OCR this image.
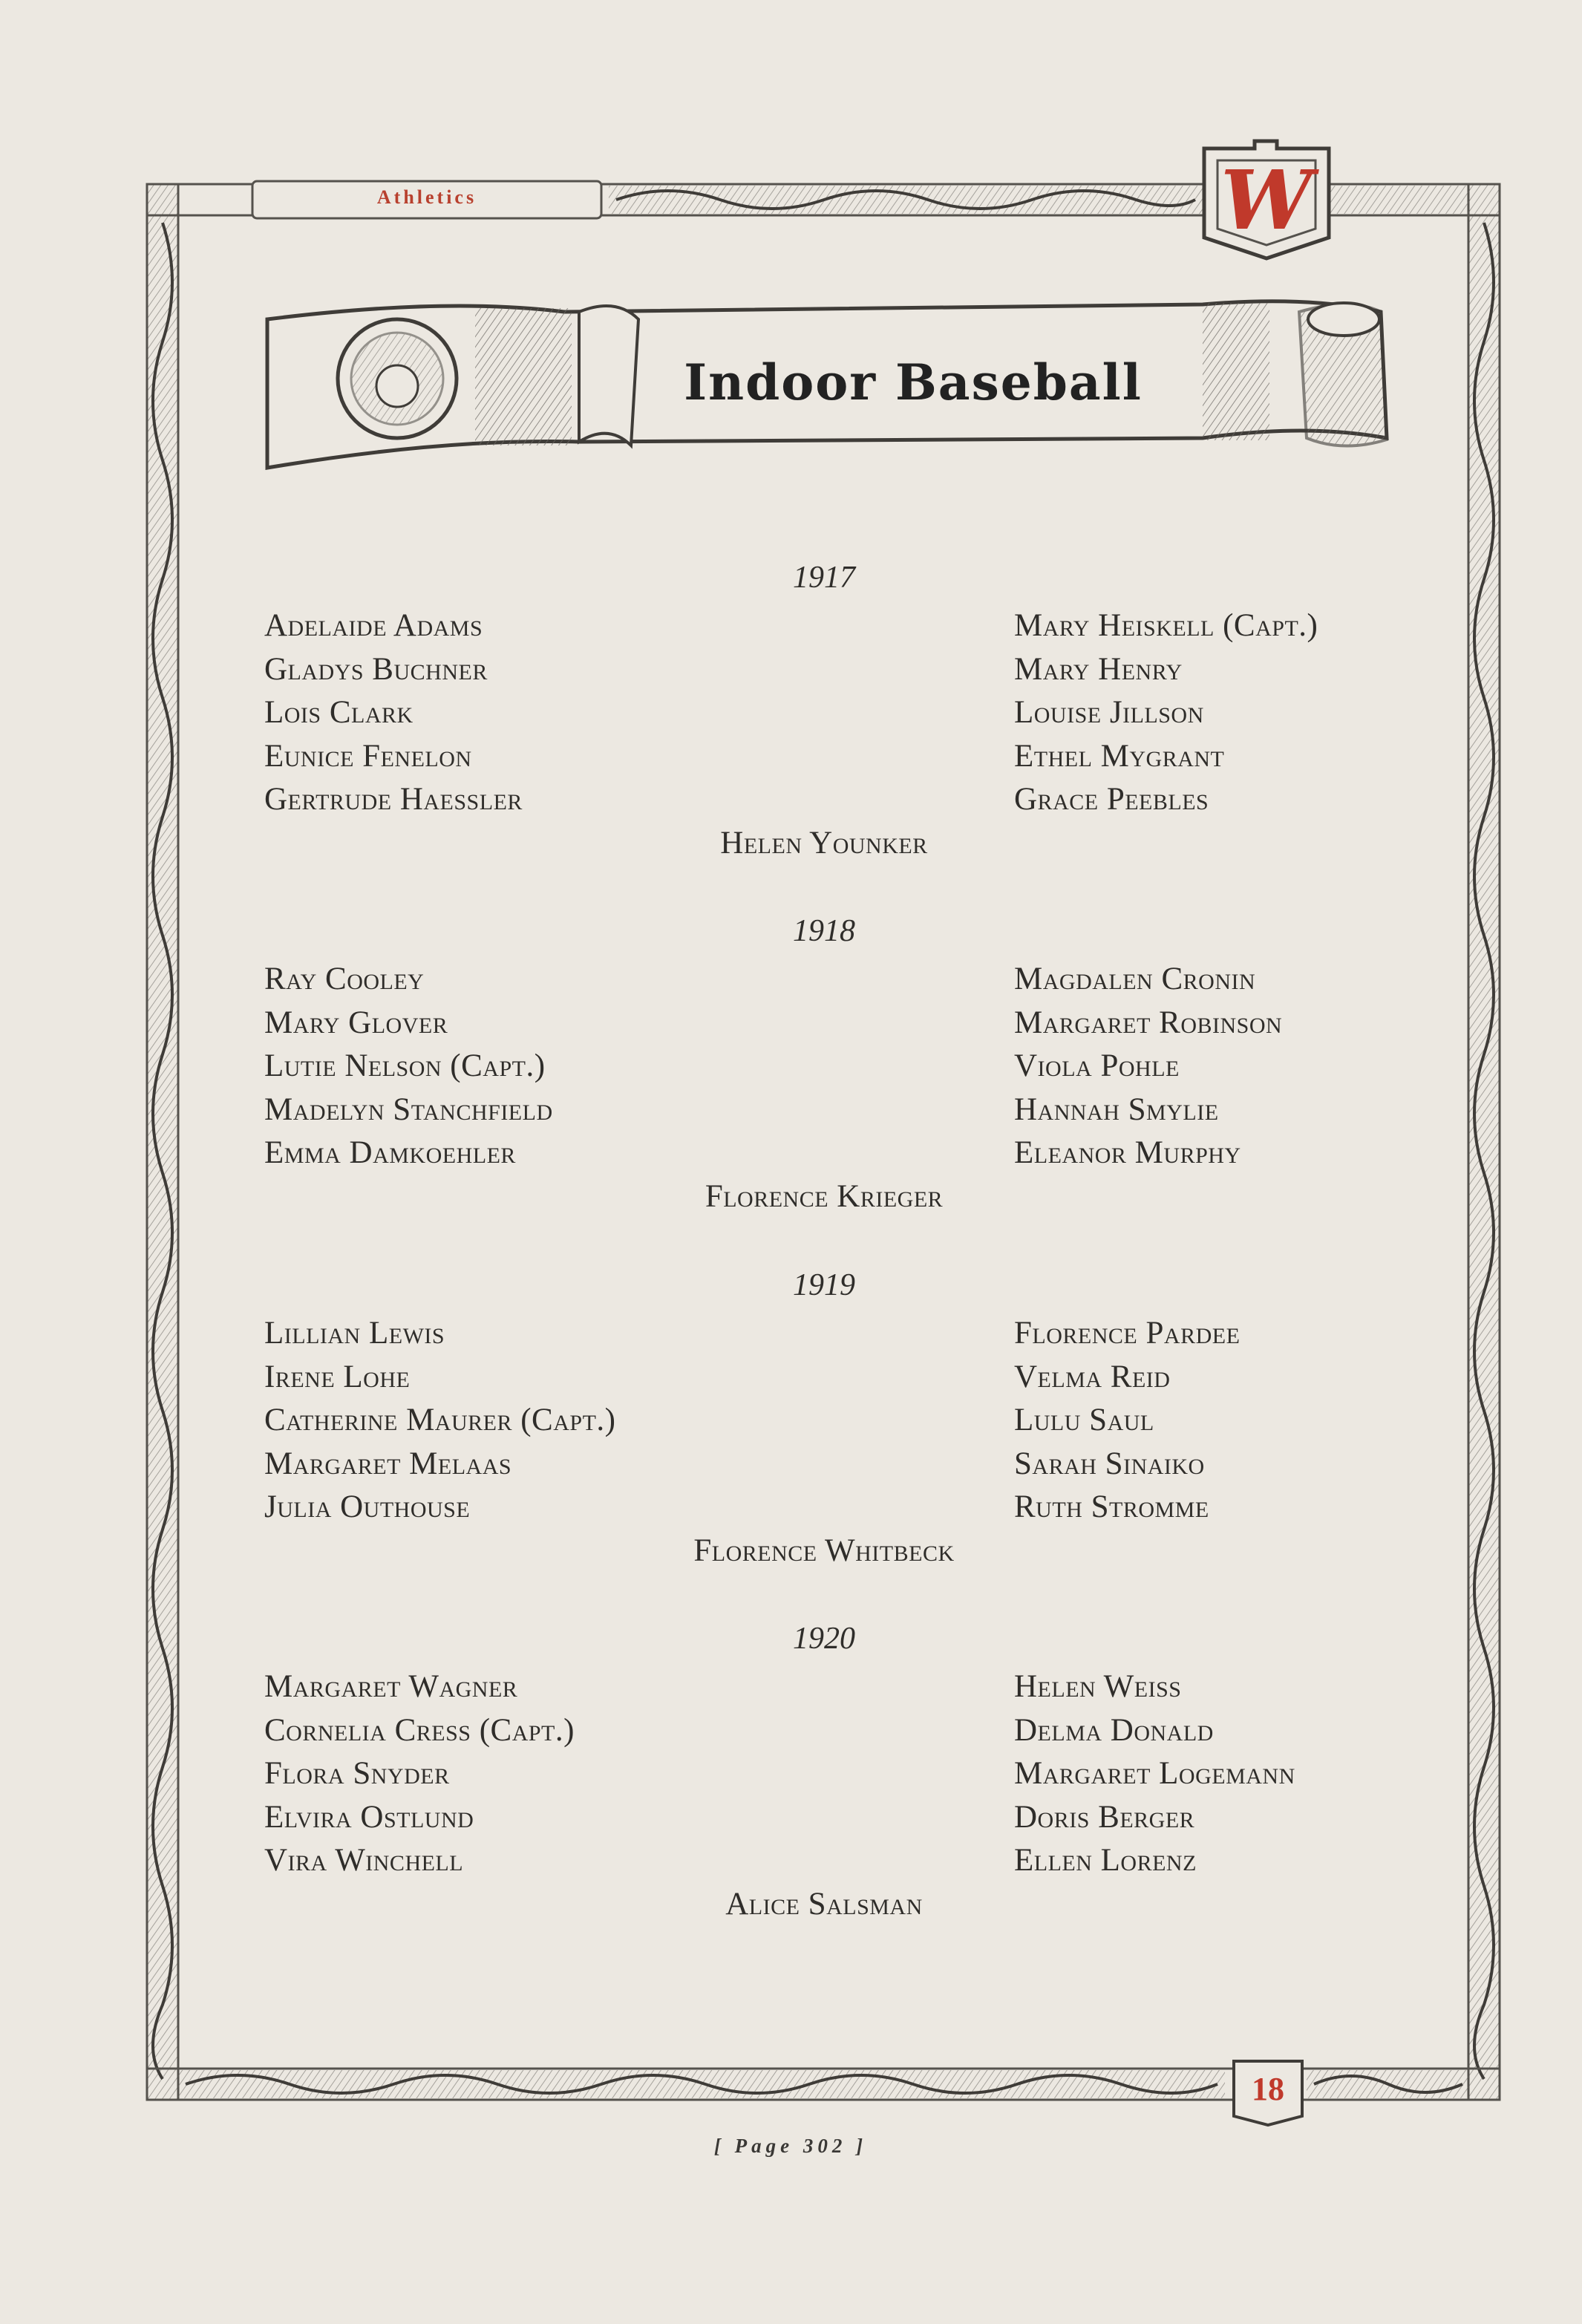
Athletics	W
Indoor Baseball
1917
Adelaide Adams
Gladys Buchner
Lois Clark
Eunice Fenelon
Gertrude Haessler
Mary Heiskell (Capt.)
Mary Henry
Louise Jillson
Ethel Mygrant
Grace Peebles
Helen Younker
1918
Ray Cooley
Mary Glover
Lutie Nelson (Capt.)
Madelyn Stanchfield
Emma Damkoehler
Magdalen Cronin
Margaret Robinson
Viola Pohle
Hannah Smylie
Eleanor Murphy
Florence Krieger
1919
Lillian Lewis
Irene Lohe
Catherine Maurer (Capt.)
Margaret Melaas
Julia Outhouse
Florence Pardee
Velma Reid
Lulu Saul
Sarah Sinaiko
Ruth Stromme
Florence Whitbeck
1920
Margaret Wagner
Cornelia Cress (Capt.)
Flora Snyder
Elvira Ostlund
Vira Winchell
Helen Weiss
Delma Donald
Margaret Logemann
Doris Berger
Ellen Lorenz
Alice Salsman
18
[ Page 302 ]
